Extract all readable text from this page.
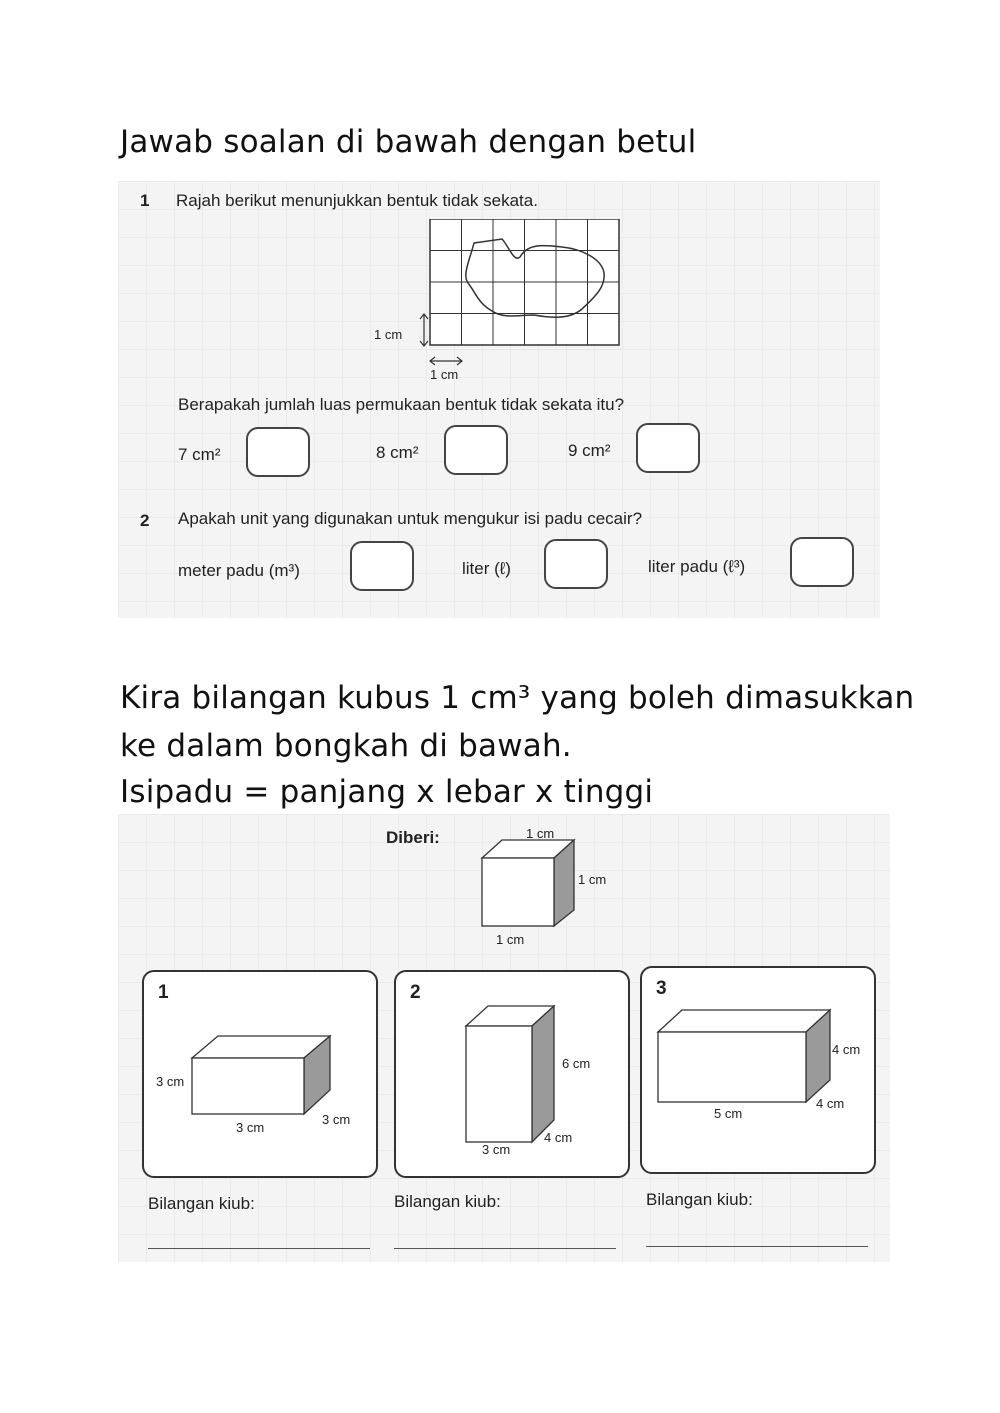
Jawab soalan di bawah dengan betul
1 Rajah berikut menunjukkan bentuk tidak sekata.
1 cm
1 cm
Berapakah jumlah luas permukaan bentuk tidak sekata itu?
7 cm²	8 cm²	9 cm²
2 Apakah unit yang digunakan untuk mengukur isi padu cecair?
meter padu (m³)	liter (ℓ)	liter padu (ℓ³)
Kira bilangan kubus 1 cm³ yang boleh dimasukkan
ke dalam bongkah di bawah.
Isipadu = panjang x lebar x tinggi
Diberi:	1 cm
1 cm
1 cm
1
3 cm
3 cm
3 cm
2
6 cm
3 cm
4 cm
3
4 cm
5 cm
4 cm
Bilangan kiub:	Bilangan kiub:	Bilangan kiub:
